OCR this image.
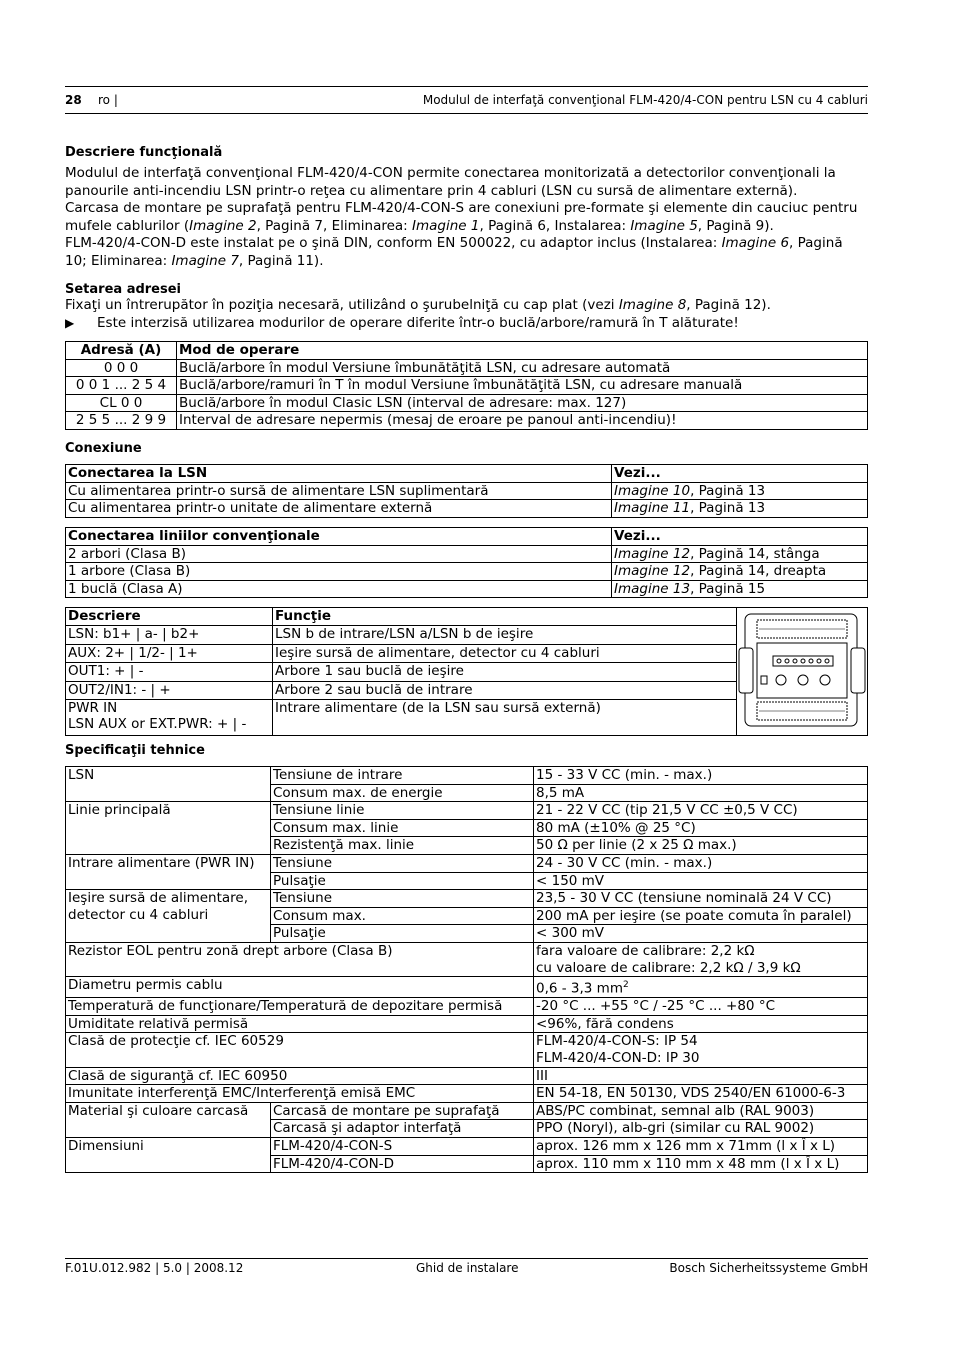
28 ro |	Modulul de interfaţă convenţional FLM-420/4-CON pentru LSN cu 4 cabluri
Descriere funcţională

Modulul de interfaţă convenţional FLM-420/4-CON permite conectarea monitorizată a detectorilor convenţionali la panourile anti-incendiu LSN printr-o reţea cu alimentare prin 4 cabluri (LSN cu sursă de alimentare externă).

Carcasa de montare pe suprafaţă pentru FLM-420/4-CON-S are conexiuni pre-formate şi elemente din cauciuc pentru mufele cablurilor (Imagine 2, Pagină 7, Eliminarea: Imagine 1, Pagină 6, Instalarea: Imagine 5, Pagină 9).

FLM-420/4-CON-D este instalat pe o şină DIN, conform EN 500022, cu adaptor inclus (Instalarea: Imagine 6, Pagină 10; Eliminarea: Imagine 7, Pagină 11).

Setarea adresei

Fixaţi un întrerupător în poziţia necesară, utilizând o şurubelniţă cu cap plat (vezi Imagine 8, Pagină 12).

▶	Este interzisă utilizarea modurilor de operare diferite într-o buclă/arbore/ramură în T alăturate!
Adresă (A)	Mod de operare
0 0 0	Buclă/arbore în modul Versiune îmbunătăţită LSN, cu adresare automată
0 0 1 ... 2 5 4	Buclă/arbore/ramuri în T în modul Versiune îmbunătăţită LSN, cu adresare manuală
CL 0 0	Buclă/arbore în modul Clasic LSN (interval de adresare: max. 127)
2 5 5 ... 2 9 9	Interval de adresare nepermis (mesaj de eroare pe panoul anti-incendiu)!
Conexiune
Conectarea la LSN	Vezi...
Cu alimentarea printr-o sursă de alimentare LSN suplimentară	Imagine 10, Pagină 13
Cu alimentarea printr-o unitate de alimentare externă	Imagine 11, Pagină 13
Conectarea liniilor convenţionale	Vezi...
2 arbori (Clasa B)	Imagine 12, Pagină 14, stânga
1 arbore (Clasa B)	Imagine 12, Pagină 14, dreapta
1 buclă (Clasa A)	Imagine 13, Pagină 15
Descriere	Funcţie	
LSN: b1+ | a- | b2+	LSN b de intrare/LSN a/LSN b de ieşire	
AUX: 2+ | 1/2- | 1+	Ieşire sursă de alimentare, detector cu 4 cabluri	
OUT1: + | -	Arbore 1 sau buclă de ieşire	
OUT2/IN1: - | +	Arbore 2 sau buclă de intrare	

PWR IN
LSN AUX or EXT.PWR: + | -	Intrare alimentare (de la LSN sau sursă externă)	
Specificaţii tehnice
LSN	Tensiune de intrare	15 - 33 V CC (min. - max.)
	Consum max. de energie	8,5 mA
Linie principală	Tensiune linie	21 - 22 V CC (tip 21,5 V CC ±0,5 V CC)
	Consum max. linie	80 mA (±10% @ 25 °C)
	Rezistenţă max. linie	50 Ω per linie (2 x 25 Ω max.)
Intrare alimentare (PWR IN)	Tensiune	24 - 30 V CC (min. - max.)
	Pulsaţie	< 150 mV
Ieşire sursă de alimentare, detector cu 4 cabluri	Tensiune	23,5 - 30 V CC (tensiune nominală 24 V CC)
	Consum max.	200 mA per ieşire (se poate comuta în paralel)
	Pulsaţie	< 300 mV
Rezistor EOL pentru zonă drept arbore (Clasa B)		fara valoare de calibrare: 2,2 kΩ
cu valoare de calibrare: 2,2 kΩ / 3,9 kΩ

Diametru permis cablu		0,6 - 3,3 $mm^2$
Temperatură de funcţionare/Temperatură de depozitare permisă		-20 °C ... +55 °C / -25 °C ... +80 °C
Umiditate relativă permisă		<96%, fără condens
Clasă de protecţie cf. IEC 60529		FLM-420/4-CON-S: IP 54
FLM-420/4-CON-D: IP 30

Clasă de siguranţă cf. IEC 60950		III
Imunitate interferenţă EMC/Interferenţă emisă EMC		EN 54-18, EN 50130, VDS 2540/EN 61000-6-3
Material şi culoare carcasă	Carcasă de montare pe suprafaţă	ABS/PC combinat, semnal alb (RAL 9003)
	Carcasă şi adaptor interfaţă	PPO (Noryl), alb-gri (similar cu RAL 9002)
Dimensiuni	FLM-420/4-CON-S	aprox. 126 mm x 126 mm x 71mm (l x Î x L)
	FLM-420/4-CON-D	aprox. 110 mm x 110 mm x 48 mm (l x Î x L)
F.01U.012.982 | 5.0 | 2008.12	Ghid de instalare	Bosch Sicherheitssysteme GmbH
